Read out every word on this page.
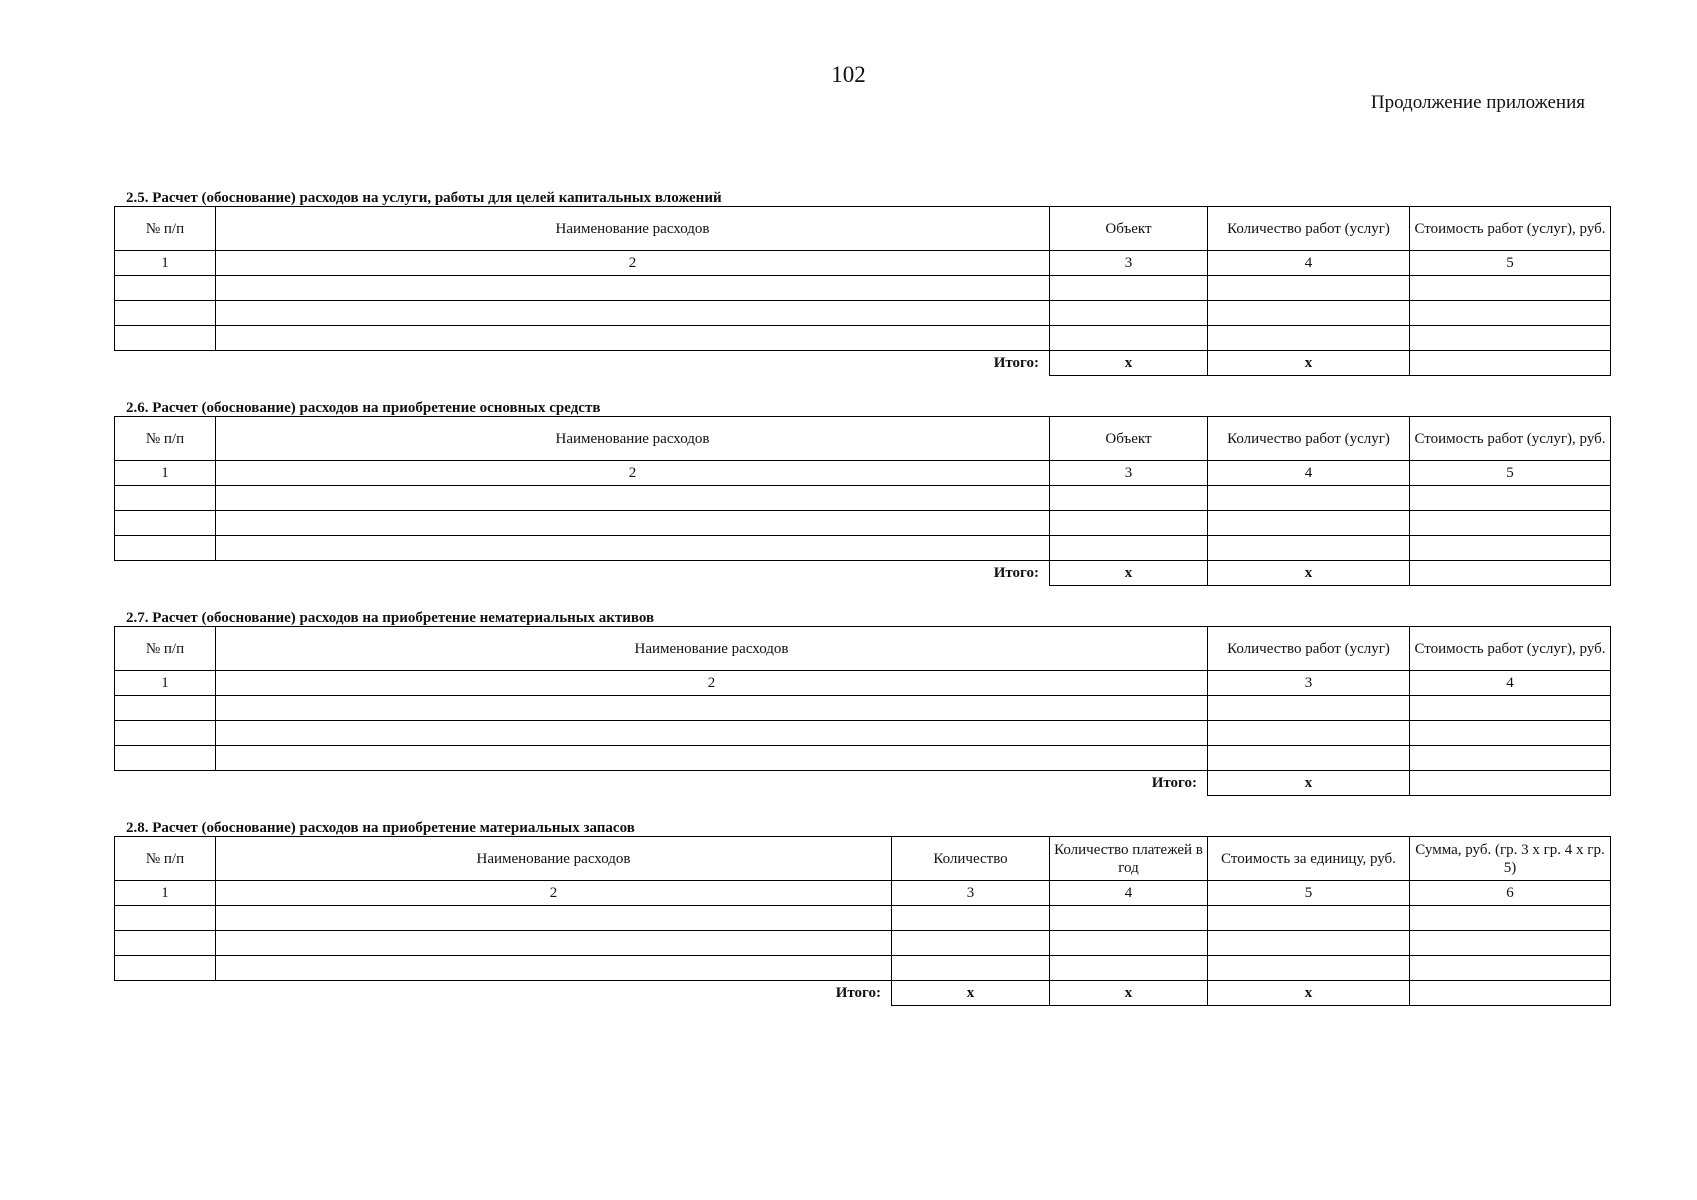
102
Продолжение приложения
2.5. Расчет (обоснование) расходов на услуги, работы для целей капитальных вложений
№ п/п	Наименование расходов	Объект	Количество работ (услуг)	Стоимость работ (услуг), руб.
1	2	3	4	5

Итого:		x	x	
2.6. Расчет (обоснование) расходов на приобретение основных средств
№ п/п	Наименование расходов	Объект	Количество работ (услуг)	Стоимость работ (услуг), руб.
1	2	3	4	5

Итого:		x	x	
2.7. Расчет (обоснование) расходов на приобретение нематериальных активов
№ п/п	Наименование расходов	Количество работ (услуг)	Стоимость работ (услуг), руб.
1	2	3	4

Итого:		x	
2.8. Расчет (обоснование) расходов на приобретение материальных запасов
№ п/п	Наименование расходов	Количество	Количество платежей в год	Стоимость за единицу, руб.	Сумма, руб. (гр. 3 x гр. 4 x гр. 5)
1	2	3	4	5	6

Итого:		x	x	x	
